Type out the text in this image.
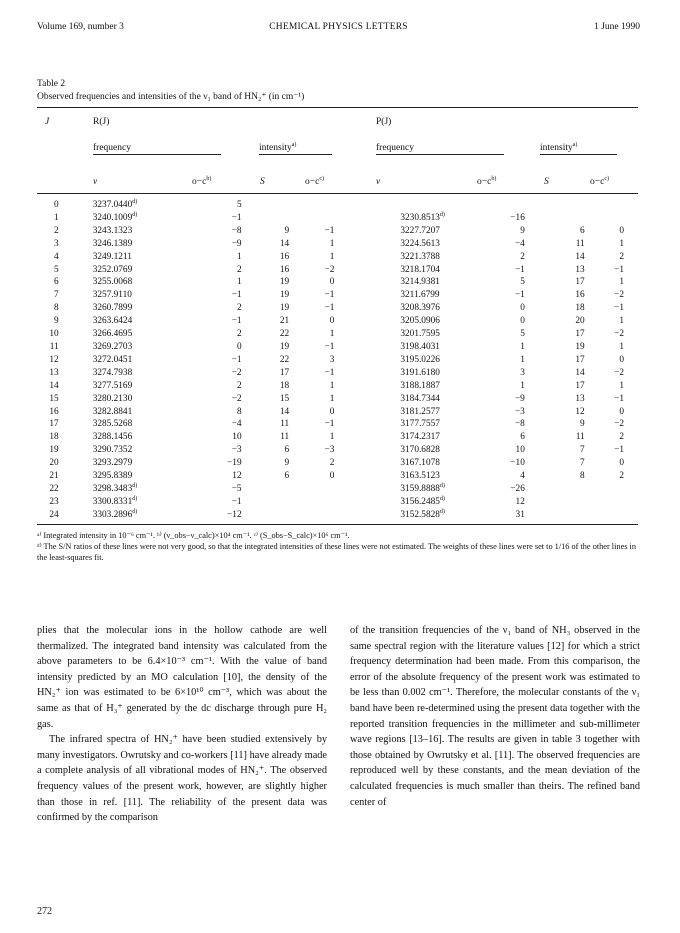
Volume 169, number 3	CHEMICAL PHYSICS LETTERS	1 June 1990
Table 2
Observed frequencies and intensities of the ν₁ band of HN₂⁺ (in cm⁻¹)
J	R(J)	P(J)
frequency	intensity$^{a)}$	frequency	intensity$^{a)}$
ν	$o-c^{b)}$	S	$o-c^{c)}$	ν	$o-c^{b)}$	S	$o-c^{c)}$
0	3237.0440$^{d)}$	5						
1	$3240.1009^{d)}$	−1			$3230.8513^{d)}$	−16		
2	3243.1323	−8	9	−1	3227.7207	9	6	0
3	3246.1389	−9	14	1	3224.5613	−4	11	1
4	3249.1211	1	16	1	3221.3788	2	14	2
5	3252.0769	2	16	−2	3218.1704	−1	13	−1
6	3255.0068	1	19	0	3214.9381	5	17	1
7	3257.9110	−1	19	−1	3211.6799	−1	16	−2
8	3260.7899	2	19	−1	3208.3976	0	18	−1
9	3263.6424	−1	21	0	3205.0906	0	20	1
10	3266.4695	2	22	1	3201.7595	5	17	−2
11	3269.2703	0	19	−1	3198.4031	1	19	1
12	3272.0451	−1	22	3	3195.0226	1	17	0
13	3274.7938	−2	17	−1	3191.6180	3	14	−2
14	3277.5169	2	18	1	3188.1887	1	17	1
15	3280.2130	−2	15	1	3184.7344	−9	13	−1
16	3282.8841	8	14	0	3181.2577	−3	12	0
17	3285.5268	−4	11	−1	3177.7557	−8	9	−2
18	3288.1456	10	11	1	3174.2317	6	11	2
19	3290.7352	−3	6	−3	3170.6828	10	7	−1
20	3293.2979	−19	9	2	3167.1078	−10	7	0
21	3295.8389	12	6	0	3163.5123	4	8	2
22	$3298.3483^{d)}$	−5			$3159.8888^{d)}$	−26		
23	$3300.8331^{d)}$	−1			3156.2485$^{d)}$	12		
24	$3303.2896^{d)}$	−12			3152.5828$^{d)}$	31		
ᵃ⁾ Integrated intensity in 10⁻⁶ cm⁻¹. ᵇ⁾ (ν_obs−ν_calc)×10⁴ cm⁻¹. ᶜ⁾ (S_obs−S_calc)×10⁶ cm⁻¹.
ᵈ⁾ The S/N ratios of these lines were not very good, so that the integrated intensities of these lines were not estimated. The weights of these lines were set to 1/16 of the other lines in the least-squares fit.

plies that the molecular ions in the hollow cathode are well thermalized. The integrated band intensity was calculated from the above parameters to be 6.4×10⁻³ cm⁻¹. With the value of band intensity predicted by an MO calculation [10], the density of the HN₂⁺ ion was estimated to be 6×10¹⁰ cm⁻³, which was about the same as that of H₃⁺ generated by the dc discharge through pure H₂ gas.

The infrared spectra of HN₂⁺ have been studied extensively by many investigators. Owrutsky and co-workers [11] have already made a complete analysis of all vibrational modes of HN₂⁺. The observed frequency values of the present work, however, are slightly higher than those in ref. [11]. The reliability of the present data was confirmed by the comparison

of the transition frequencies of the ν₁ band of NH₃ observed in the same spectral region with the literature values [12] for which a strict frequency determination had been made. From this comparison, the error of the absolute frequency of the present work was estimated to be less than 0.002 cm⁻¹. Therefore, the molecular constants of the ν₁ band have been re-determined using the present data together with the reported transition frequencies in the millimeter and sub-millimeter wave regions [13–16]. The results are given in table 3 together with those obtained by Owrutsky et al. [11]. The observed frequencies are reproduced well by these constants, and the mean deviation of the calculated frequencies is much smaller than theirs. The refined band center of

272
